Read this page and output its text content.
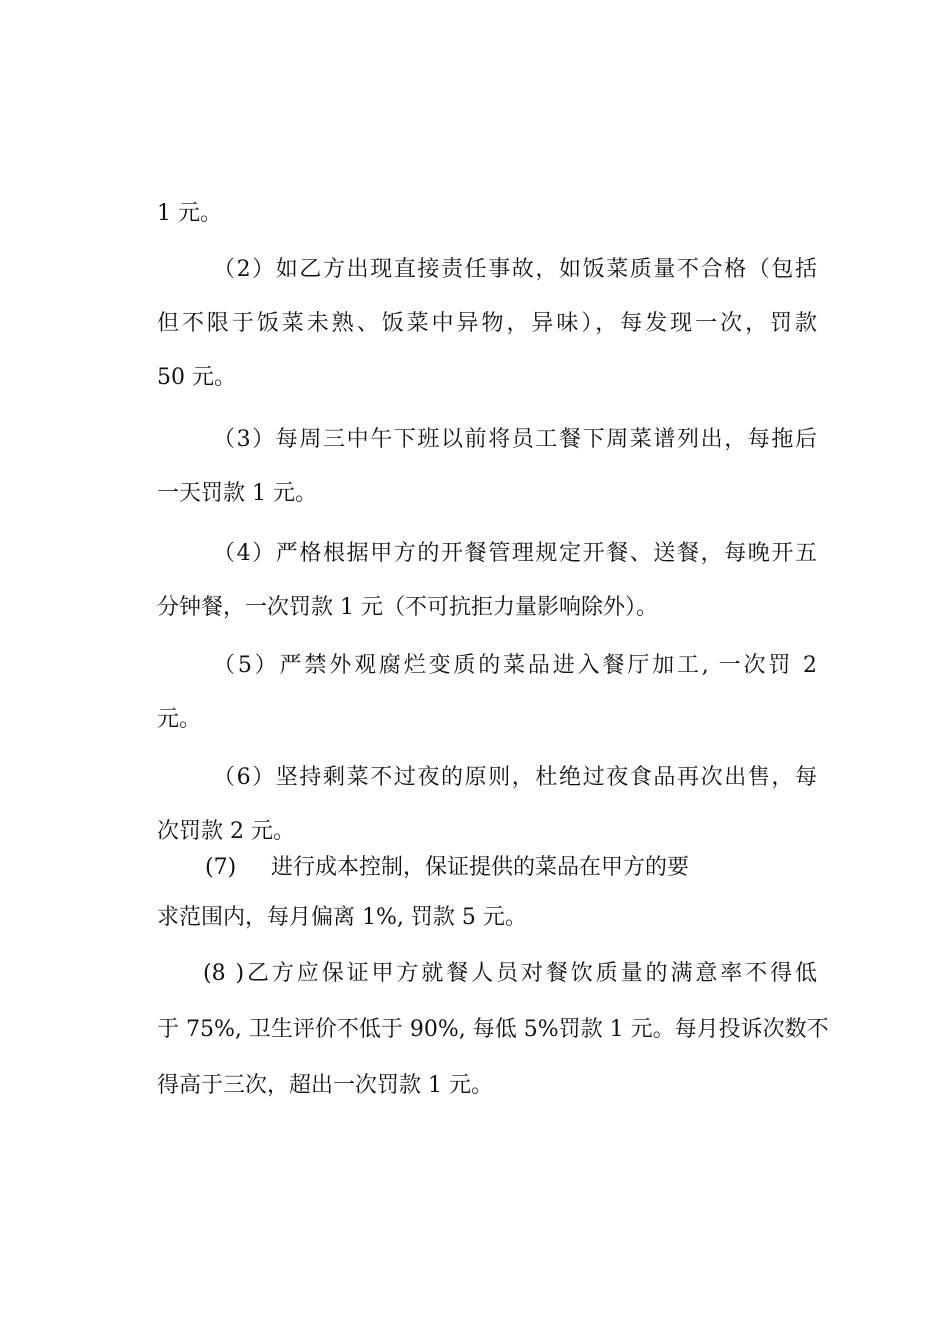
1 元。
（2）如乙方出现直接责任事故，如饭菜质量不合格（包括
但不限于饭菜未熟、饭菜中异物，异味），每发现一次，罚款
50 元。
（3）每周三中午下班以前将员工餐下周菜谱列出，每拖后
一天罚款 1 元。
（4）严格根据甲方的开餐管理规定开餐、送餐，每晚开五
分钟餐，一次罚款 1 元（不可抗拒力量影响除外）。
（5）严禁外观腐烂变质的菜品进入餐厅加工, 一次罚 2
元。
（6）坚持剩菜不过夜的原则，杜绝过夜食品再次出售，每
次罚款 2 元。
(7) 进行成本控制，保证提供的菜品在甲方的要
求范围内，每月偏离 1%, 罚款 5 元。
(8 )乙方应保证甲方就餐人员对餐饮质量的满意率不得低
于 75%, 卫生评价不低于 90%, 每低 5%罚款 1 元。每月投诉次数不
得高于三次，超出一次罚款 1 元。
